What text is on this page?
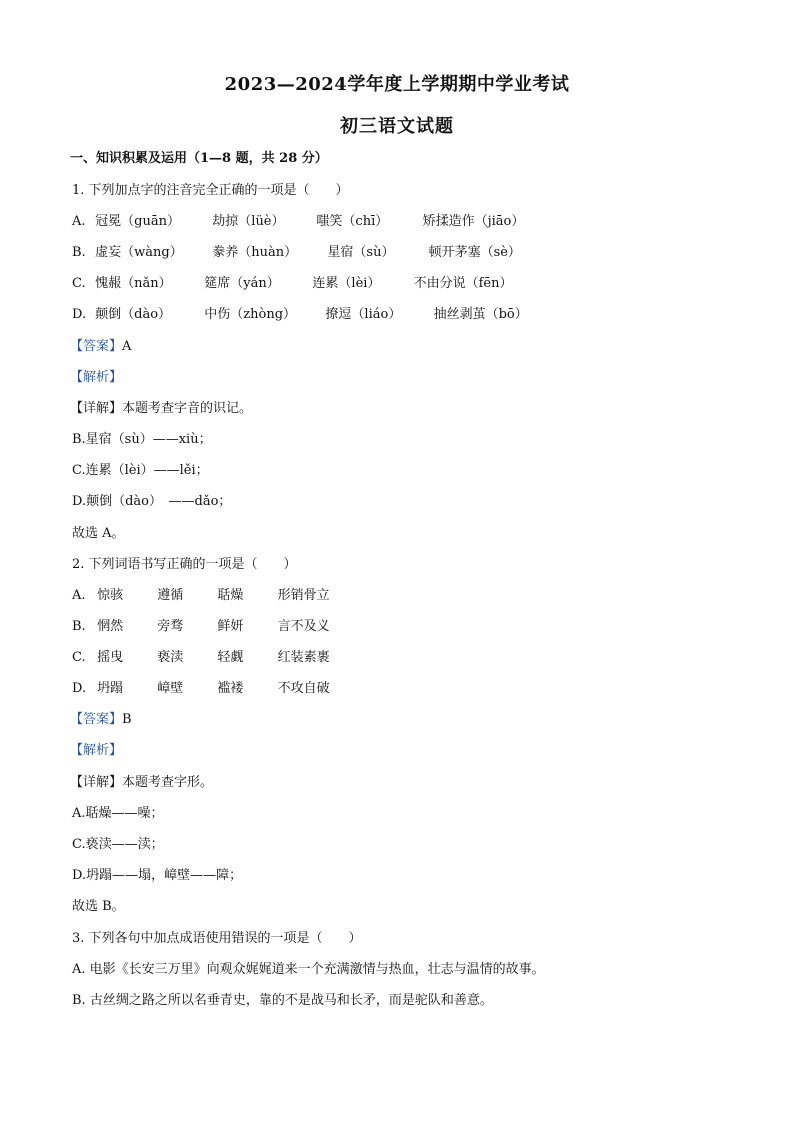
2023—2024学年度上学期期中学业考试
初三语文试题
一、知识积累及运用（1—8 题，共 28 分）
1. 下列加点字的注音完全正确的一项是（　　）
A. 冠冕（guān） 劫掠（lüè） 嗤笑（chī）	矫揉造作（jiāo）
B. 虚妄（wàng） 豢养（huàn） 星宿（sù）	顿开茅塞（sè）
C. 愧赧（nǎn）	筵席（yán）	连累（lèi）	不由分说（fēn）
D. 颠倒（dào）	中伤（zhòng） 撩逗（liáo） 抽丝剥茧（bō）
【答案】A
【解析】
【详解】本题考查字音的识记。
B.星宿（sù）——xiù；
C.连累（lèi）——lěi；
D.颠倒（dào）　——dǎo；
故选 A。
2. 下列词语书写正确的一项是（　　）
A. 惊骇	遵循	聒燥	形销骨立
B. 惘然	旁骛	鲜妍	言不及义
C. 摇曳	亵渎	轻觑	红装素裹
D. 坍蹋	嶂壁	褴褛	不攻自破
【答案】B
【解析】
【详解】本题考查字形。
A.聒燥——噪；
C.亵渎——渎；
D.坍蹋——塌，嶂壁——障；
故选 B。
3. 下列各句中加点成语使用错误的一项是（　　）
A. 电影《长安三万里》向观众娓娓道来一个充满激情与热血，壮志与温情的故事。
B. 古丝绸之路之所以名垂青史，靠的不是战马和长矛，而是驼队和善意。
